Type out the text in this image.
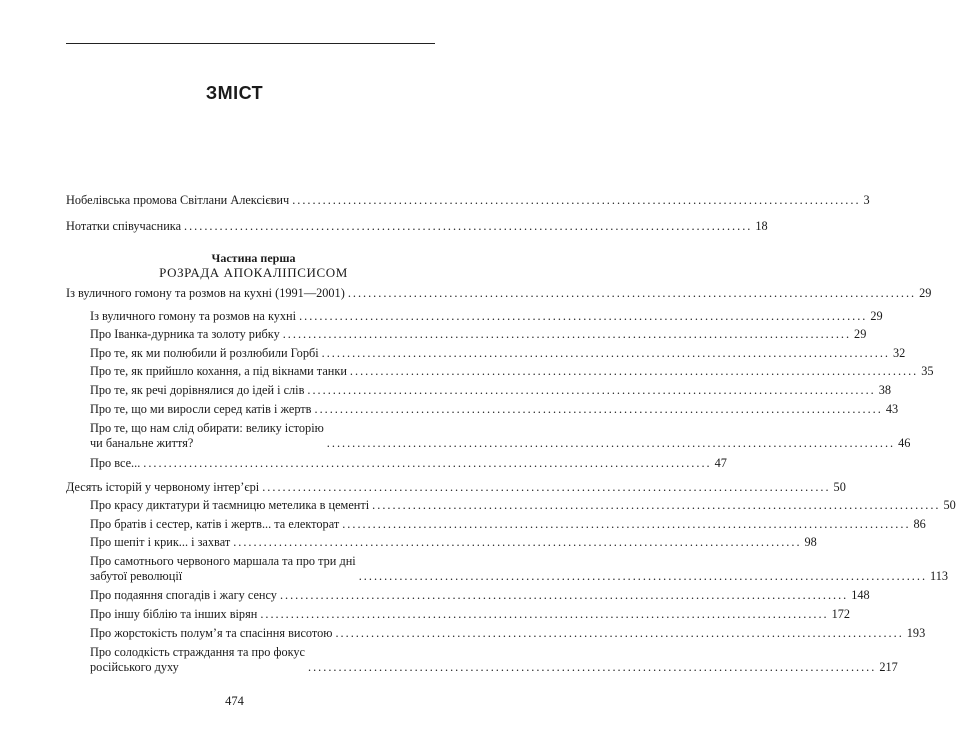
ЗМІСТ
Нобелівська промова Світлани Алексієвич ................................................................................................................ 3
Нотатки співучасника ................................................................................................................ 18
Частина перша
РОЗРАДА АПОКАЛІПСИСОМ
Із вуличного гомону та розмов на кухні (1991—2001) ................................................................................................................ 29
Із вуличного гомону та розмов на кухні ................................................................................................................ 29
Про Іванка-дурника та золоту рибку ................................................................................................................ 29
Про те, як ми полюбили й розлюбили Горбі ................................................................................................................ 32
Про те, як прийшло кохання, а під вікнами танки ................................................................................................................ 35
Про те, як речі дорівнялися до ідей і слів ................................................................................................................ 38
Про те, що ми виросли серед катів і жертв ................................................................................................................ 43
Про те, що нам слід обирати: велику історію
чи банальне життя?	................................................................................................................ 46
Про все... ................................................................................................................ 47
Десять історій у червоному інтер’єрі ................................................................................................................ 50
Про красу диктатури й таємницю метелика в цементі ................................................................................................................ 50
Про братів і сестер, катів і жертв... та електорат ................................................................................................................ 86
Про шепіт і крик... і захват ................................................................................................................ 98
Про самотнього червоного маршала та про три дні
забутої революції	................................................................................................................ 113
Про подаяння спогадів і жагу сенсу ................................................................................................................ 148
Про іншу біблію та інших вірян ................................................................................................................ 172
Про жорстокість полум’я та спасіння висотою ................................................................................................................ 193
Про солодкість страждання та про фокус
російського духу	................................................................................................................ 217
474
